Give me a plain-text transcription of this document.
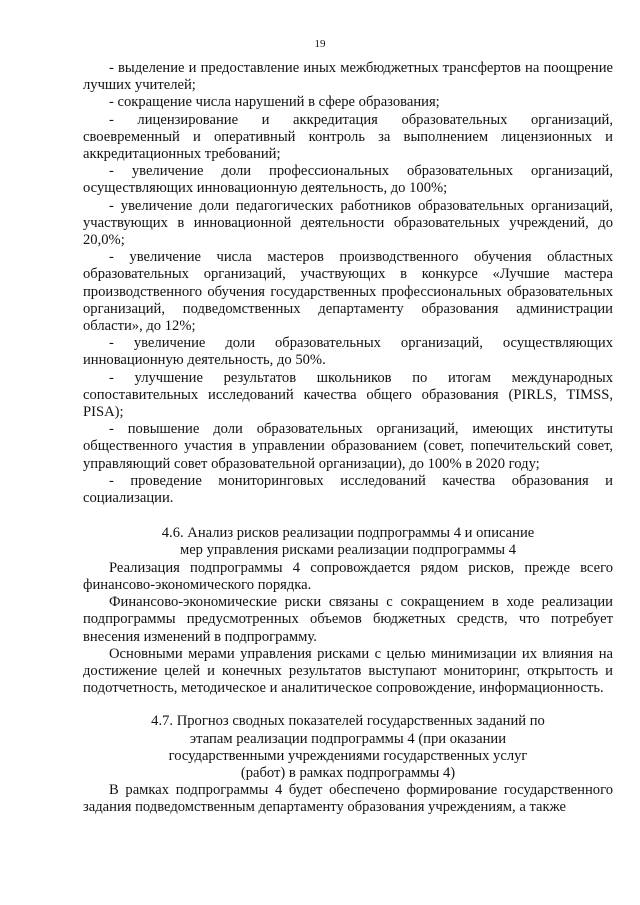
19

- выделение и предоставление иных межбюджетных трансфертов на поощрение лучших учителей;

- сокращение числа нарушений в сфере образования;

- лицензирование и аккредитация образовательных организаций, своевременный и оперативный контроль за выполнением лицензионных и аккредитационных требований;

- увеличение доли профессиональных образовательных организаций, осуществляющих инновационную деятельность, до 100%;

- увеличение доли педагогических работников образовательных организаций, участвующих в инновационной деятельности образовательных учреждений, до 20,0%;

- увеличение числа мастеров производственного обучения областных образовательных организаций, участвующих в конкурсе «Лучшие мастера производственного обучения государственных профессиональных образовательных организаций, подведомственных департаменту образования администрации области», до 12%;

- увеличение доли образовательных организаций, осуществляющих инновационную деятельность, до 50%.

- улучшение результатов школьников по итогам международных сопоставительных исследований качества общего образования (PIRLS, TIMSS, PISA);

- повышение доли образовательных организаций, имеющих институты общественного участия в управлении образованием (совет, попечительский совет, управляющий совет образовательной организации), до 100% в 2020 году;

- проведение мониторинговых исследований качества образования и социализации.

4.6. Анализ рисков реализации подпрограммы 4 и описание
мер управления рисками реализации подпрограммы 4

Реализация подпрограммы 4 сопровождается рядом рисков, прежде всего финансово-экономического порядка.

Финансово-экономические риски связаны с сокращением в ходе реализации подпрограммы предусмотренных объемов бюджетных средств, что потребует внесения изменений в подпрограмму.

Основными мерами управления рисками с целью минимизации их влияния на достижение целей и конечных результатов выступают мониторинг, открытость и подотчетность, методическое и аналитическое сопровождение, информационность.

4.7. Прогноз сводных показателей государственных заданий по
этапам реализации подпрограммы 4 (при оказании
государственными учреждениями государственных услуг
(работ) в рамках подпрограммы 4)

В рамках подпрограммы 4 будет обеспечено формирование государственного задания подведомственным департаменту образования учреждениям, а также
